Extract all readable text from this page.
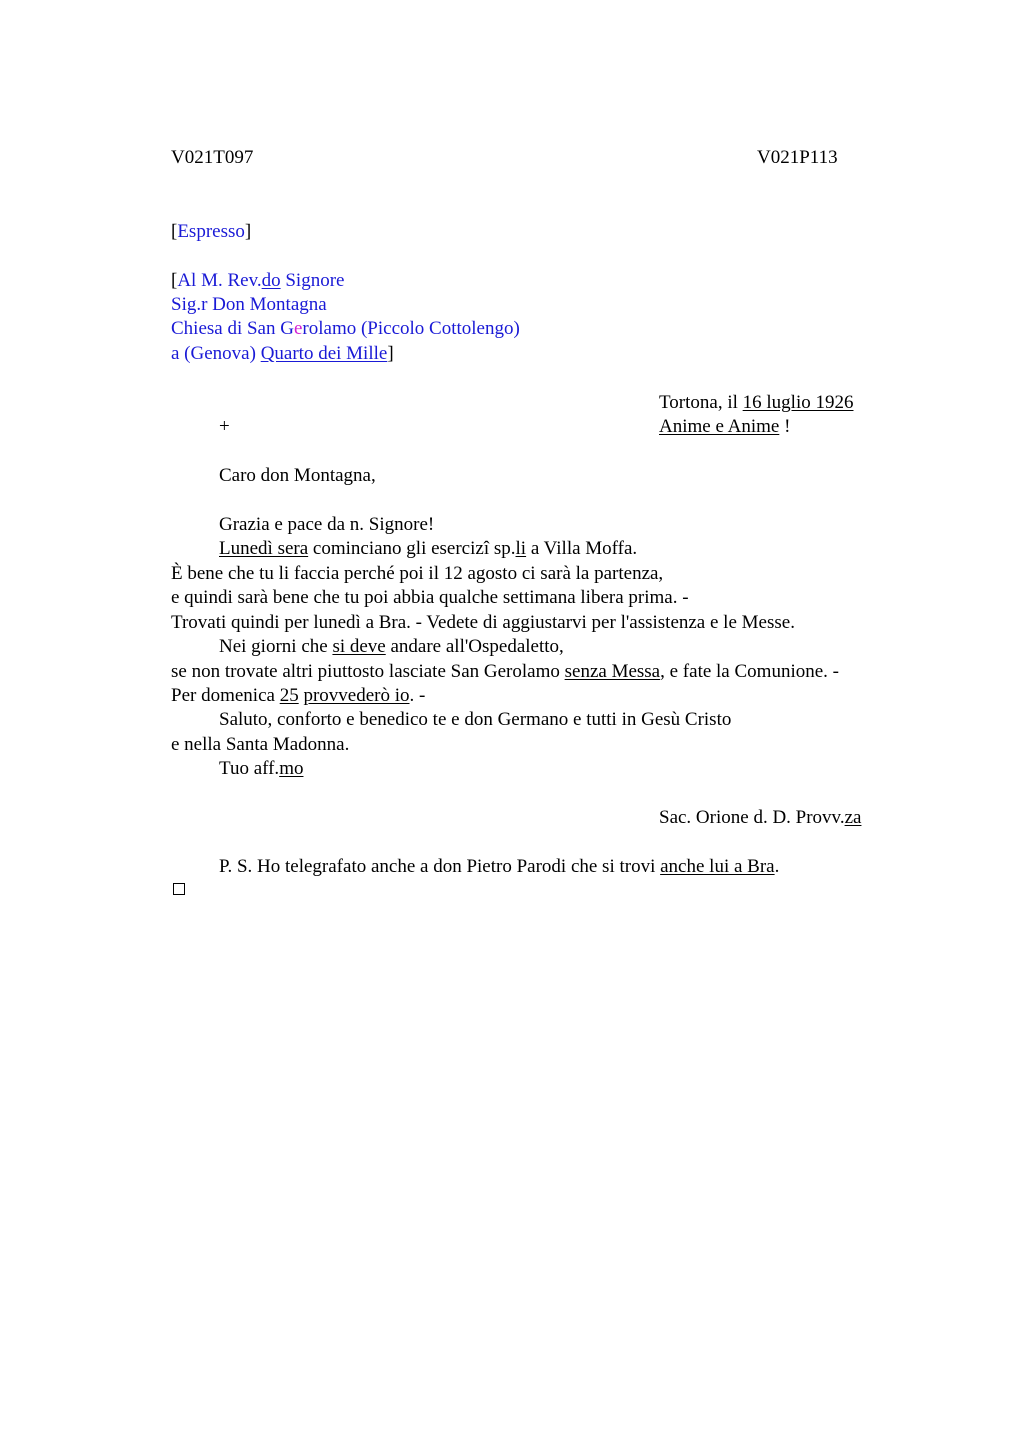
V021T097	V021P113
[Espresso]
[Al M. Rev.do Signore
Sig.r Don Montagna
Chiesa di San Gerolamo (Piccolo Cottolengo)
a (Genova) Quarto dei Mille]
Tortona, il 16 luglio 1926
+	Anime e Anime !
Caro don Montagna,
Grazia e pace da n. Signore!
Lunedì sera cominciano gli esercizi sp.li a Villa Moffa.
È bene che tu li faccia perché poi il 12 agosto ci sarà la partenza,
e quindi sarà bene che tu poi abbia qualche settimana libera prima. -
Trovati quindi per lunedì a Bra. - Vedete di aggiustarvi per l'assistenza e le Messe.
Nei giorni che si deve andare all'Ospedaletto,
se non trovate altri piuttosto lasciate San Gerolamo senza Messa, e fate la Comunione. -
Per domenica 25 provvederò io. -
Saluto, conforto e benedico te e don Germano e tutti in Gesù Cristo
e nella Santa Madonna.
Tuo aff.mo
Sac. Orione d. D. Provv.za
P. S. Ho telegrafato anche a don Pietro Parodi che si trovi anche lui a Bra.
